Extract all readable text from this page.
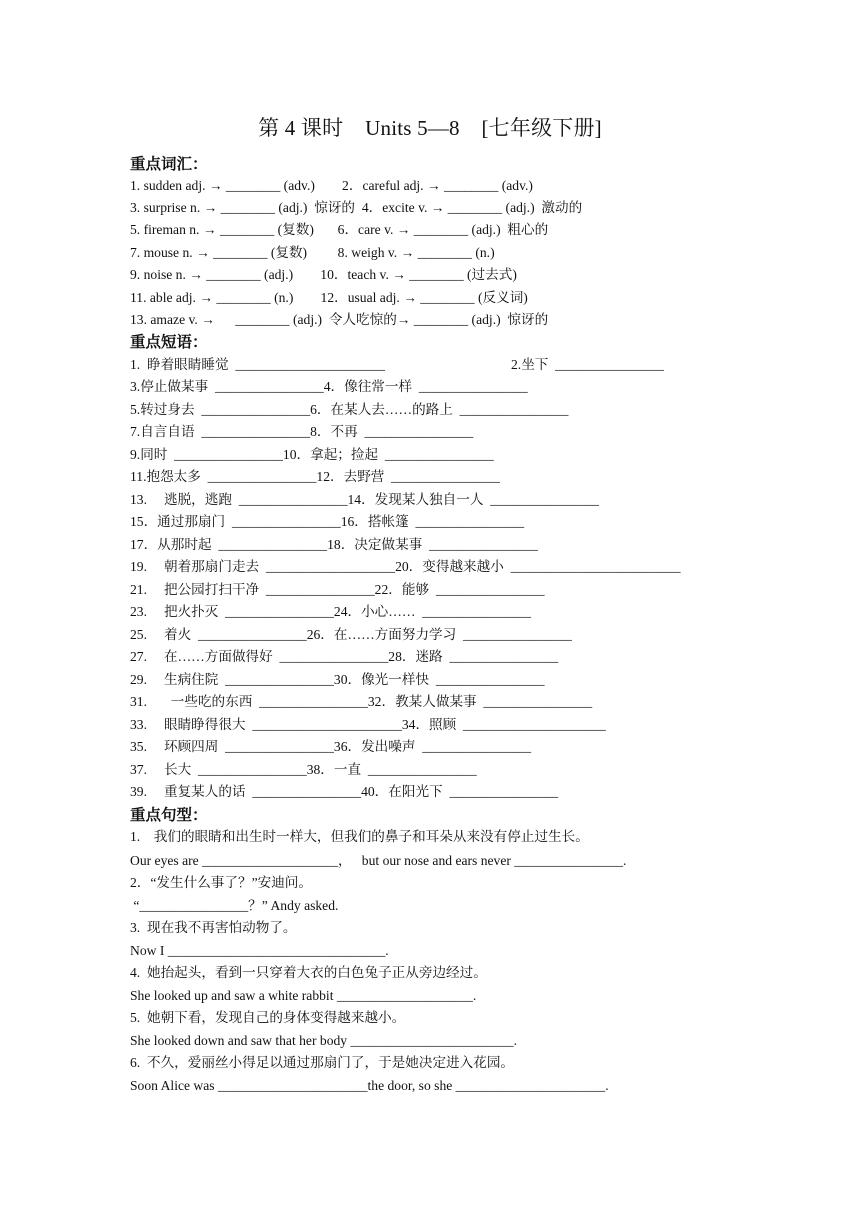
第 4 课时    Units 5—8    [七年级下册]
重点词汇：
1. sudden adj. → ________ (adv.)        2．careful adj. → ________ (adv.)
3. surprise n. → ________ (adj.)  惊讶的  4．excite v. → ________ (adj.)  激动的
5. fireman n. → ________ (复数)       6．care v. → ________ (adj.)  粗心的
7. mouse n. → ________ (复数)         8. weigh v. → ________ (n.)
9. noise n. → ________ (adj.)        10．teach v. → ________ (过去式)
11. able adj. → ________ (n.)        12．usual adj. → ________ (反义词)
13. amaze v. →      ________ (adj.)  令人吃惊的→ ________ (adj.)  惊讶的
重点短语：
1.  睁着眼睛睡觉  ______________________	2.坐下  ________________
3.停止做某事  ________________4．像往常一样  ________________
5.转过身去  ________________6．在某人去……的路上  ________________
7.自言自语  ________________8．不再  ________________
9.同时  ________________10．拿起；捡起  ________________
11.抱怨太多  ________________12．去野营  ________________
13.     逃脱，逃跑  ________________14．发现某人独自一人  ________________
15．通过那扇门  ________________16．搭帐篷  ________________
17．从那时起  ________________18．决定做某事  ________________
19.     朝着那扇门走去  ___________________20．变得越来越小  _________________________
21.     把公园打扫干净  ________________22．能够  ________________
23.     把火扑灭  ________________24．小心……  ________________
25.     着火  ________________26．在……方面努力学习  ________________
27.     在……方面做得好  ________________28．迷路  ________________
29.     生病住院  ________________30．像光一样快  ________________
31.       一些吃的东西  ________________32．教某人做某事  ________________
33.     眼睛睁得很大  ______________________34．照顾  _____________________
35.     环顾四周  ________________36．发出噪声  ________________
37.     长大  ________________38．一直  ________________
39.     重复某人的话  ________________40．在阳光下  ________________
重点句型：
1.    我们的眼睛和出生时一样大，但我们的鼻子和耳朵从来没有停止过生长。
Our eyes are ____________________，   but our nose and ears never ________________.
2．“发生什么事了？”安迪问。
“________________？” Andy asked.
3.  现在我不再害怕动物了。
Now I ________________________________.
4.  她抬起头，看到一只穿着大衣的白色兔子正从旁边经过。
She looked up and saw a white rabbit ____________________.
5.  她朝下看，发现自己的身体变得越来越小。
She looked down and saw that her body ________________________.
6.  不久，爱丽丝小得足以通过那扇门了，于是她决定进入花园。
Soon Alice was ______________________the door, so she ______________________.
